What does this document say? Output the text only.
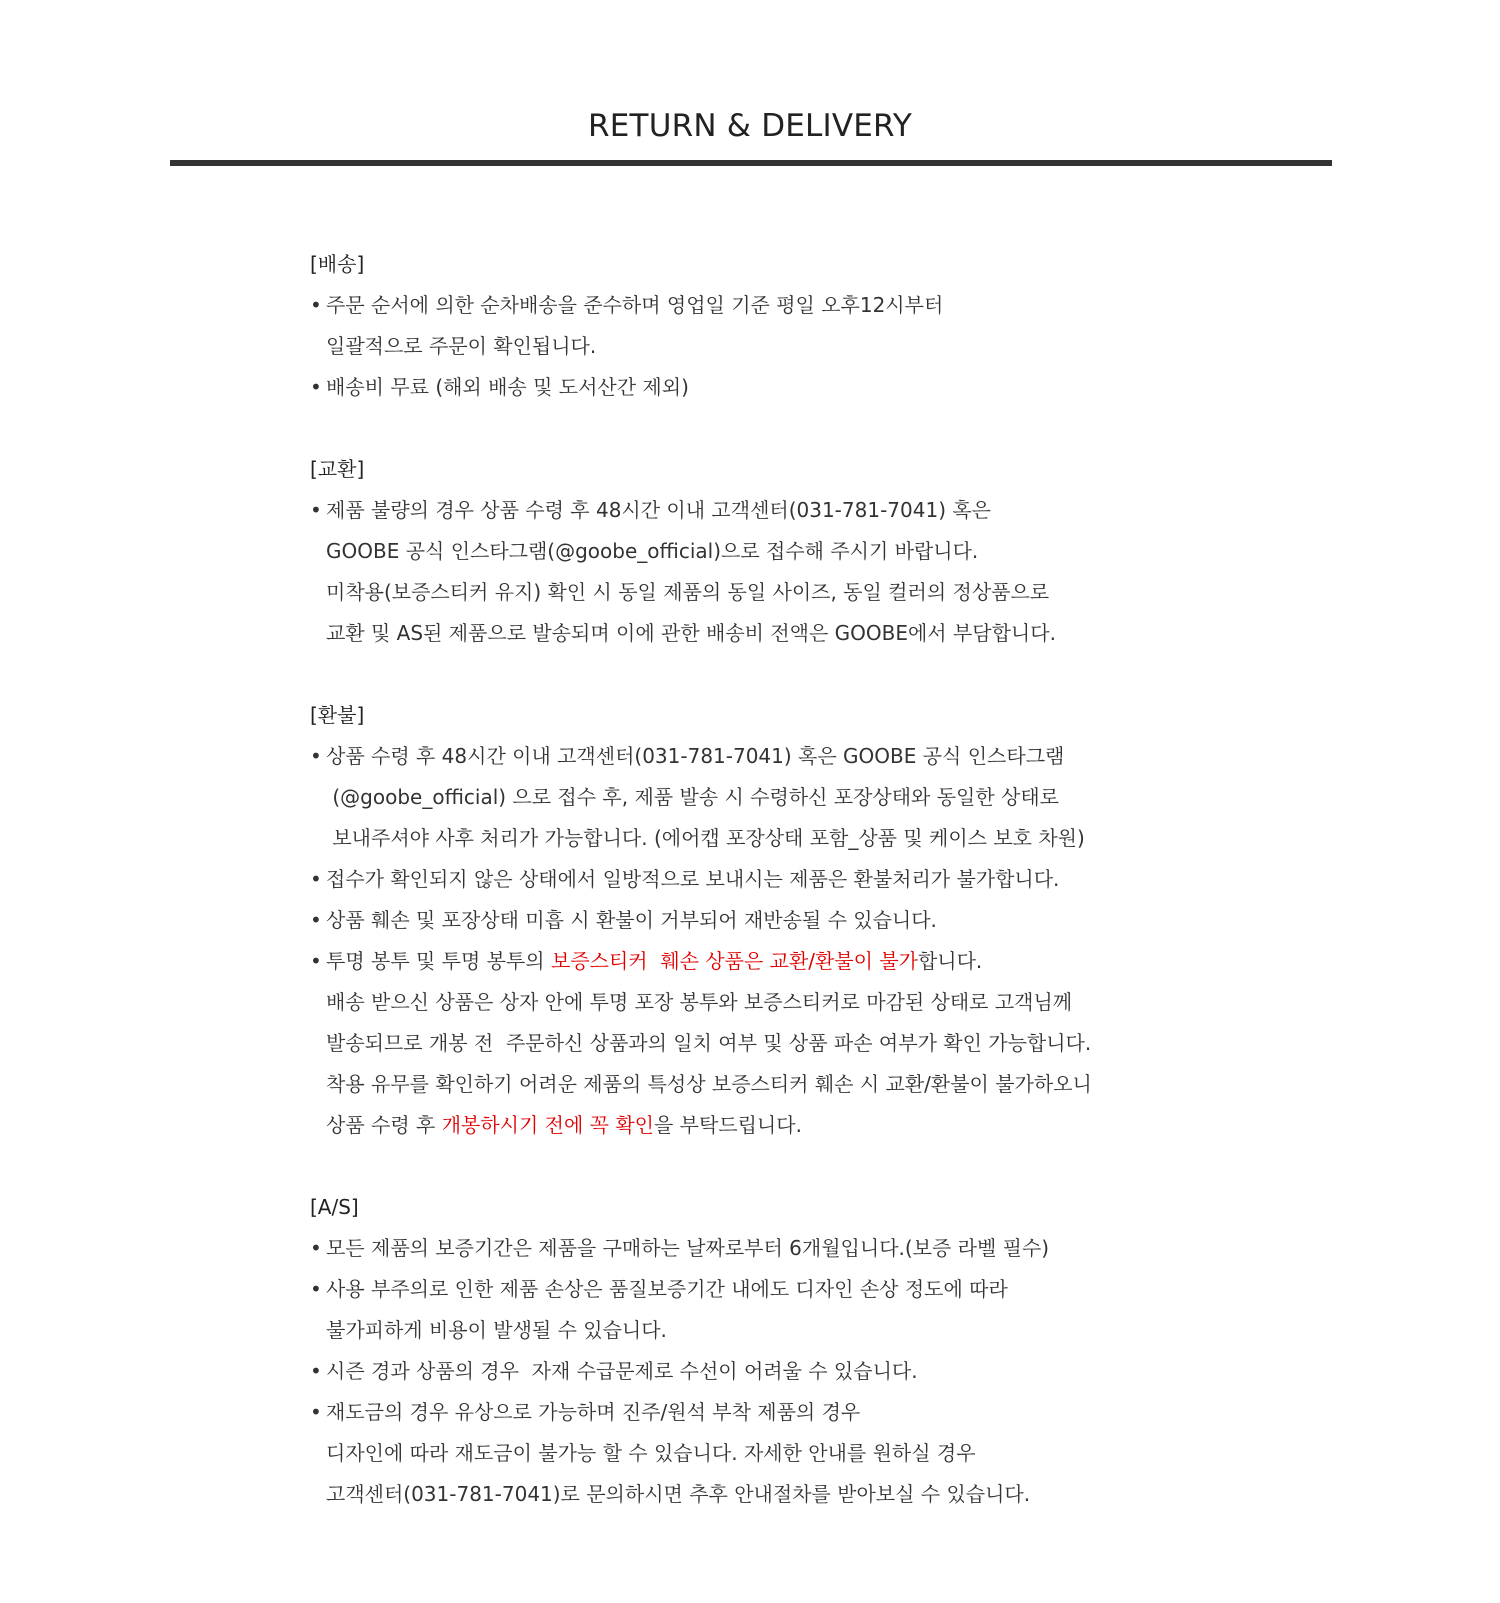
RETURN & DELIVERY
[배송]
• 주문 순서에 의한 순차배송을 준수하며 영업일 기준 평일 오후12시부터
일괄적으로 주문이 확인됩니다.
• 배송비 무료 (해외 배송 및 도서산간 제외)
[교환]
• 제품 불량의 경우 상품 수령 후 48시간 이내 고객센터(031-781-7041) 혹은
GOOBE 공식 인스타그램(@goobe_official)으로 접수해 주시기 바랍니다.
미착용(보증스티커 유지) 확인 시 동일 제품의 동일 사이즈, 동일 컬러의 정상품으로
교환 및 AS된 제품으로 발송되며 이에 관한 배송비 전액은 GOOBE에서 부담합니다.
[환불]
• 상품 수령 후 48시간 이내 고객센터(031-781-7041) 혹은 GOOBE 공식 인스타그램
(@goobe_official) 으로 접수 후, 제품 발송 시 수령하신 포장상태와 동일한 상태로
보내주셔야 사후 처리가 가능합니다. (에어캡 포장상태 포함_상품 및 케이스 보호 차원)
• 접수가 확인되지 않은 상태에서 일방적으로 보내시는 제품은 환불처리가 불가합니다.
• 상품 훼손 및 포장상태 미흡 시 환불이 거부되어 재반송될 수 있습니다.
• 투명 봉투 및 투명 봉투의 보증스티커  훼손 상품은 교환/환불이 불가합니다.
배송 받으신 상품은 상자 안에 투명 포장 봉투와 보증스티커로 마감된 상태로 고객님께
발송되므로 개봉 전  주문하신 상품과의 일치 여부 및 상품 파손 여부가 확인 가능합니다.
착용 유무를 확인하기 어려운 제품의 특성상 보증스티커 훼손 시 교환/환불이 불가하오니
상품 수령 후 개봉하시기 전에 꼭 확인을 부탁드립니다.
[A/S]
• 모든 제품의 보증기간은 제품을 구매하는 날짜로부터 6개월입니다.(보증 라벨 필수)
• 사용 부주의로 인한 제품 손상은 품질보증기간 내에도 디자인 손상 정도에 따라
불가피하게 비용이 발생될 수 있습니다.
• 시즌 경과 상품의 경우  자재 수급문제로 수선이 어려울 수 있습니다.
• 재도금의 경우 유상으로 가능하며 진주/원석 부착 제품의 경우
디자인에 따라 재도금이 불가능 할 수 있습니다. 자세한 안내를 원하실 경우
고객센터(031-781-7041)로 문의하시면 추후 안내절차를 받아보실 수 있습니다.
